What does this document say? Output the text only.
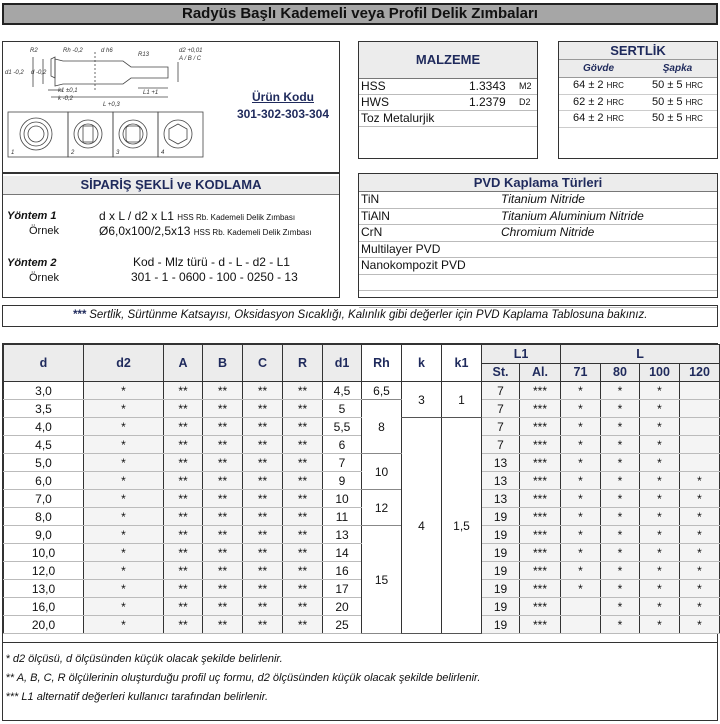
Radyüs Başlı Kademeli veya Profil Delik Zımbaları
R2	Rh -0,2	d h6
R13
d2 +0,01
A / B / C
d1 -0,2 d -0,2
k1 ±0,1
k -0,2
L +0,3
L1 +1
1	2	3	4
Ürün Kodu
301-302-303-304
MALZEME
HSS	1.3343 M2
HWS	1.2379 D2
Toz Metalurjik
SERTLİK
Gövde	Şapka
64 ± 2 HRC	50 ± 5 HRC
62 ± 2 HRC	50 ± 5 HRC
64 ± 2 HRC	50 ± 5 HRC
SİPARİŞ ŞEKLİ ve KODLAMA
Yöntem 1	d x L / d2 x L1 HSS Rb. Kademeli Delik Zımbası
Örnek	Ø6,0x100/2,5x13 HSS Rb. Kademeli Delik Zımbası
Yöntem 2	Kod - Mlz türü - d - L - d2 - L1
Örnek	301 - 1 - 0600 - 100 - 0250 - 13
PVD Kaplama Türleri
TiN	Titanium Nitride
TiAlN	Titanium Aluminium Nitride
CrN	Chromium Nitride
Multilayer PVD
Nanokompozit PVD
*** Sertlik, Sürtünme Katsayısı, Oksidasyon Sıcaklığı, Kalınlık gibi değerler için PVD Kaplama Tablosuna bakınız.
d	d2	A	B	C	R	d1	Rh	k	k1	L1		L			
										St.	Al.	71	80	100	120
3,0	*	**	**	**	**	4,5	6,5	3	1	7	***	*	*	*	
3,5	*	**	**	**	**	5	8			7	***	*	*	*	
4,0	*	**	**	**	**	5,5		4	1,5	7	***	*	*	*	
4,5	*	**	**	**	**	6				7	***	*	*	*	
5,0	*	**	**	**	**	7	10			13	***	*	*	*	
6,0	*	**	**	**	**	9				13	***	*	*	*	*
7,0	*	**	**	**	**	10	12			13	***	*	*	*	*
8,0	*	**	**	**	**	11				19	***	*	*	*	*
9,0	*	**	**	**	**	13	15			19	***	*	*	*	*
10,0	*	**	**	**	**	14				19	***	*	*	*	*
12,0	*	**	**	**	**	16				19	***	*	*	*	*
13,0	*	**	**	**	**	17				19	***	*	*	*	*
16,0	*	**	**	**	**	20				19	***		*	*	*
20,0	*	**	**	**	**	25				19	***		*	*	*
* d2 ölçüsü, d ölçüsünden küçük olacak şekilde belirlenir.
** A, B, C, R ölçülerinin oluşturduğu profil uç formu, d2 ölçüsünden küçük olacak şekilde belirlenir.
*** L1 alternatif değerleri kullanıcı tarafından belirlenir.
